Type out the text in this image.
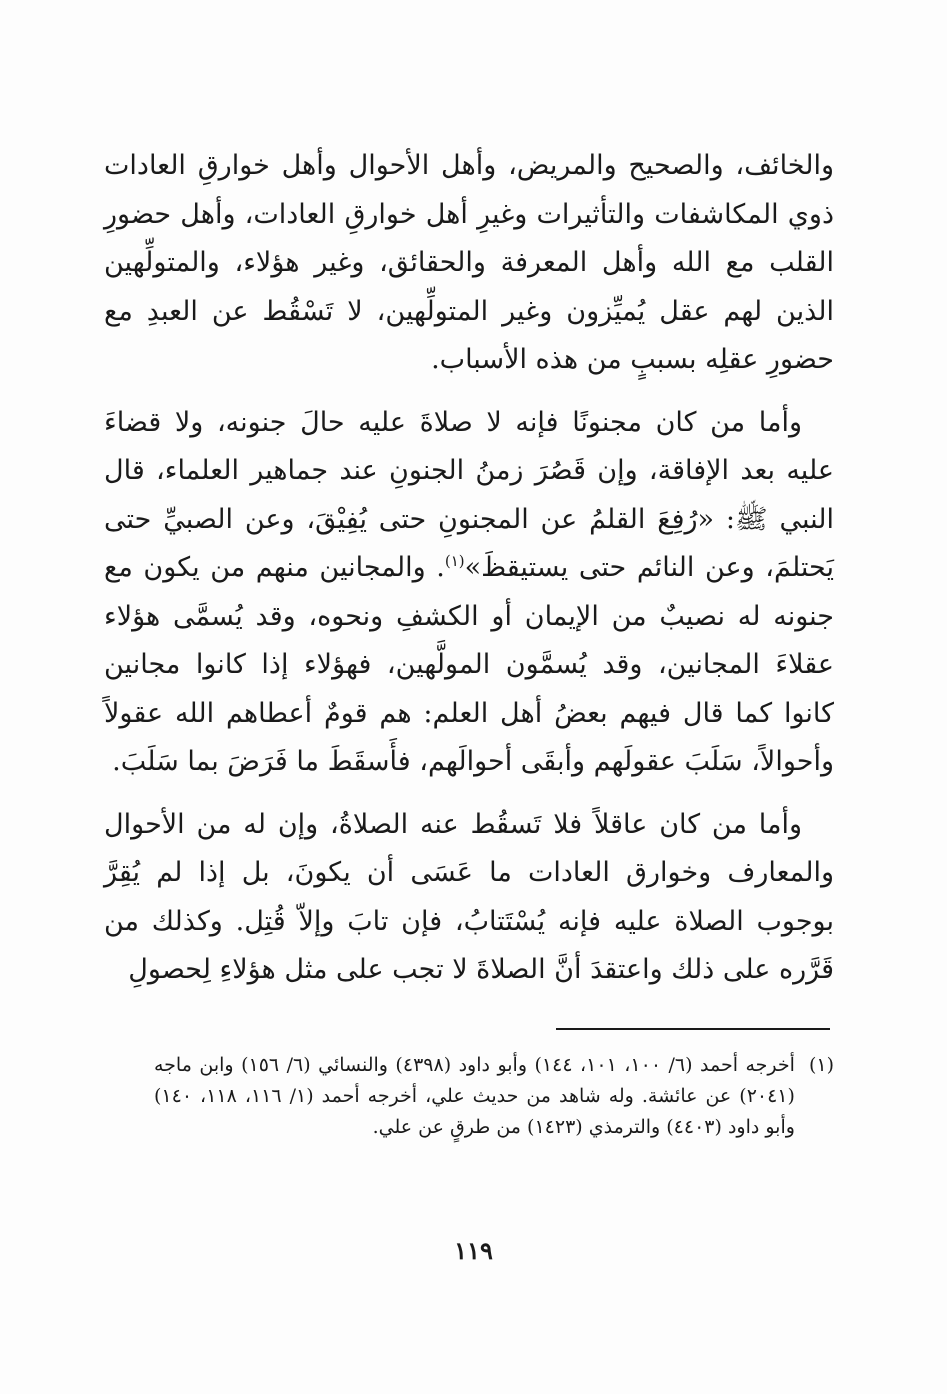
والخائف، والصحيح والمريض، وأهل الأحوال وأهل خوارقِ العادات ذوي المكاشفات والتأثيرات وغيرِ أهل خوارقِ العادات، وأهل حضورِ القلب مع الله وأهل المعرفة والحقائق، وغير هؤلاء، والمتولِّهين الذين لهم عقل يُميِّزون وغير المتولِّهين، لا تَسْقُط عن العبدِ مع حضورِ عقلِه بسببٍ من هذه الأسباب.

وأما من كان مجنونًا فإنه لا صلاةَ عليه حالَ جنونه، ولا قضاءَ عليه بعد الإفاقة، وإن قَصُرَ زمنُ الجنونِ عند جماهير العلماء، قال النبي ﷺ: «رُفِعَ القلمُ عن المجنونِ حتى يُفِيْقَ، وعن الصبيِّ حتى يَحتلمَ، وعن النائم حتى يستيقظَ»$^{(١)}$. والمجانين منهم من يكون مع جنونه له نصيبٌ من الإيمان أو الكشفِ ونحوه، وقد يُسمَّى هؤلاء عقلاءَ المجانين، وقد يُسمَّون المولَّهين، فهؤلاء إذا كانوا مجانين كانوا كما قال فيهم بعضُ أهل العلم: هم قومٌ أعطاهم الله عقولاً وأحوالاً، سَلَبَ عقولَهم وأبقَى أحوالَهم، فأَسقَطَ ما فَرَضَ بما سَلَبَ.

وأما من كان عاقلاً فلا تَسقُط عنه الصلاةُ، وإن له من الأحوال والمعارف وخوارق العادات ما عَسَى أن يكونَ، بل إذا لم يُقِرَّ بوجوب الصلاة عليه فإنه يُسْتَتابُ، فإن تابَ وإلاّ قُتِل. وكذلك من قَرَّره على ذلك واعتقدَ أنَّ الصلاةَ لا تجب على مثل هؤلاءِ لِحصولِ

(١)
أخرجه أحمد (٦/ ١٠٠، ١٠١، ١٤٤) وأبو داود (٤٣٩٨) والنسائي (٦/ ١٥٦) وابن ماجه (٢٠٤١) عن عائشة. وله شاهد من حديث علي، أخرجه أحمد (١/ ١١٦، ١١٨، ١٤٠) وأبو داود (٤٤٠٣) والترمذي (١٤٢٣) من طرقٍ عن علي.
١١٩
